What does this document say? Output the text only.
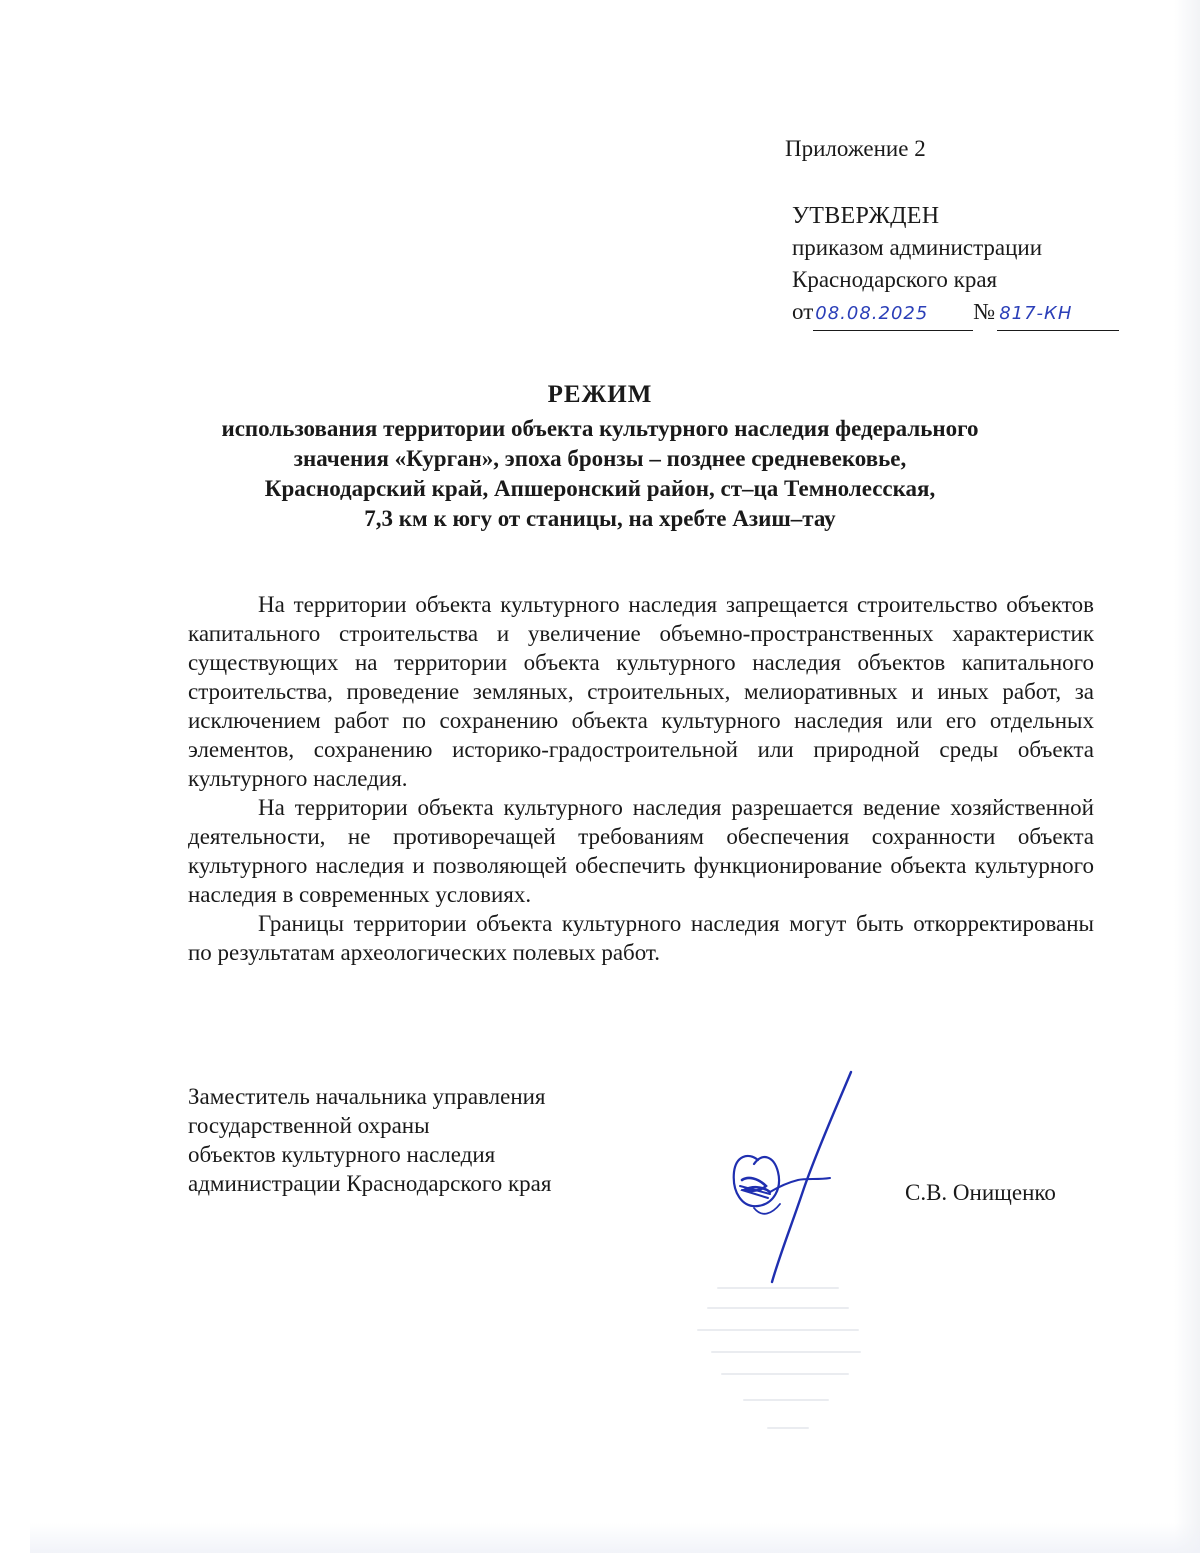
Приложение 2
УТВЕРЖДЕН
приказом администрации
Краснодарского края
от 08.08.2025 № 817-КН
РЕЖИМ
использования территории объекта культурного наследия федерального
значения «Курган», эпоха бронзы – позднее средневековье,
Краснодарский край, Апшеронский район, ст–ца Темнолесская,
7,3 км к югу от станицы, на хребте Азиш–тау

На территории объекта культурного наследия запрещается строительство объектов капитального строительства и увеличение объемно-пространственных характеристик существующих на территории объекта культурного наследия объектов капитального строительства, проведение земляных, строительных, мелиоративных и иных работ, за исключением работ по сохранению объекта культурного наследия или его отдельных элементов, сохранению историко-градостроительной или природной среды объекта культурного наследия.

На территории объекта культурного наследия разрешается ведение хозяйственной деятельности, не противоречащей требованиям обеспечения сохранности объекта культурного наследия и позволяющей обеспечить функционирование объекта культурного наследия в современных условиях.

Границы территории объекта культурного наследия могут быть откорректированы по результатам археологических полевых работ.

Заместитель начальника управления
государственной охраны
объектов культурного наследия
администрации Краснодарского края	С.В. Онищенко
